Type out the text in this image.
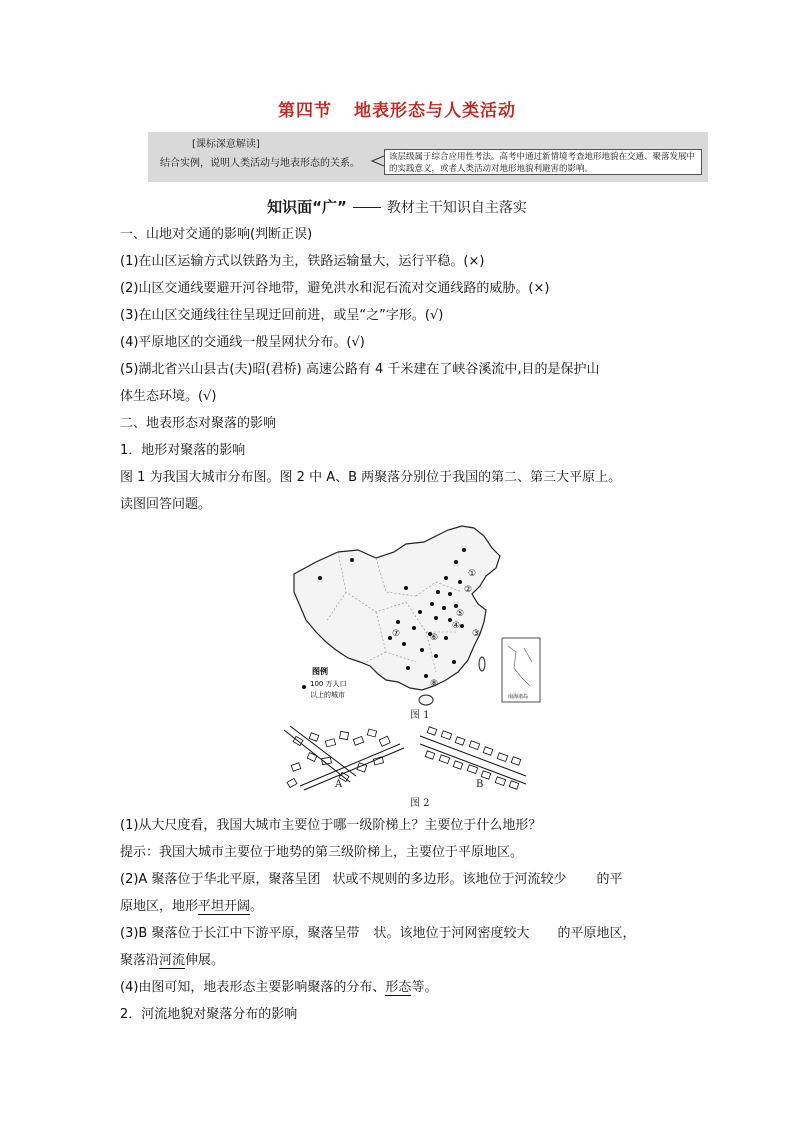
第四节 地表形态与人类活动
[课标深意解读]
结合实例，说明人类活动与地表形态的关系。
该层级属于综合应用性考法。高考中通过新情境考查地形地貌在交通、聚落发展中的实践意义，或者人类活动对地形地貌利避害的影响。
知识面“广”	教材主干知识自主落实
一、山地对交通的影响(判断正误)
(1)在山区运输方式以铁路为主，铁路运输量大，运行平稳。(×)
(2)山区交通线要避开河谷地带，避免洪水和泥石流对交通线路的威胁。(×)
(3)在山区交通线往往呈现迂回前进，或呈“之”字形。(√)
(4)平原地区的交通线一般呈网状分布。(√)
(5)湖北省兴山县古(夫)昭(君桥) 高速公路有 4 千米建在了峡谷溪流中,目的是保护山
体生态环境。(√)
二、地表形态对聚落的影响
1．地形对聚落的影响
图 1 为我国大城市分布图。图 2 中 A、B 两聚落分别位于我国的第二、第三大平原上。
读图回答问题。
①
②
③
④
⑤
⑥
⑦
⑧
图例
100 万人口
以上的城市	南海诸岛
图 1
A	B
图 2
(1)从大尺度看，我国大城市主要位于哪一级阶梯上？主要位于什么地形？
提示：我国大城市主要位于地势的第三级阶梯上，主要位于平原地区。
(2)A 聚落位于华北平原，聚落呈团 状或不规则的多边形。该地位于河流较少 的平
原地区，地形平坦开阔。
(3)B 聚落位于长江中下游平原，聚落呈带 状。该地位于河网密度较大 的平原地区，
聚落沿河流伸展。
(4)由图可知，地表形态主要影响聚落的分布、形态等。
2．河流地貌对聚落分布的影响
